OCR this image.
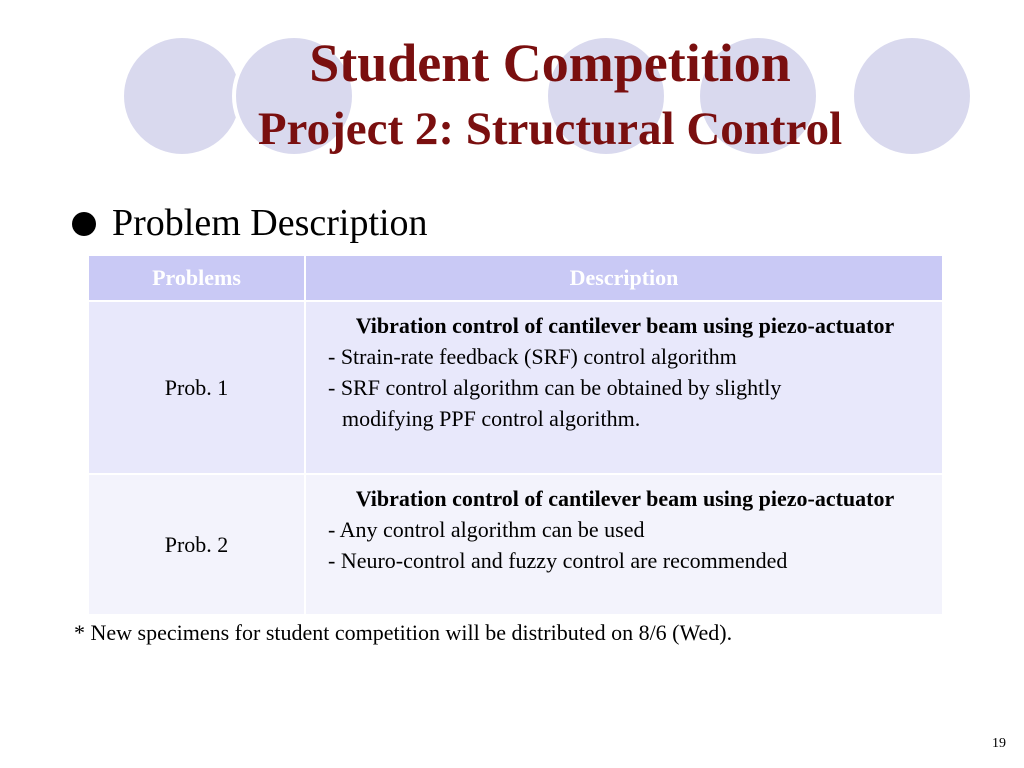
Student Competition
Project 2: Structural Control
Problem Description
Problems	Description
Prob. 1	Vibration control of cantilever beam using piezo-actuator
- Strain-rate feedback (SRF) control algorithm
- SRF control algorithm can be obtained by slightly
modifying PPF control algorithm.

Prob. 2	Vibration control of cantilever beam using piezo-actuator
- Any control algorithm can be used
- Neuro-control and fuzzy control are recommended
* New specimens for student competition will be distributed on 8/6 (Wed).
19
